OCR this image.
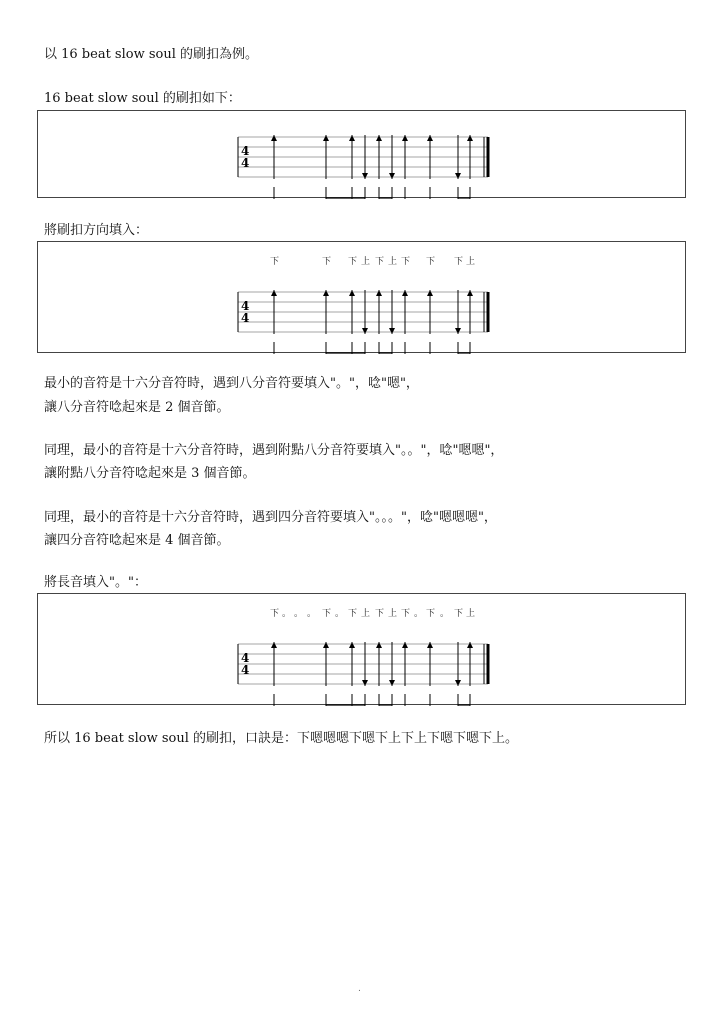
以 16 beat slow soul 的刷扣為例。
16 beat slow soul 的刷扣如下：
4
4
將刷扣方向填入：
4
4
下	下 下 上 下 上 下 下 下 上
最小的音符是十六分音符時，遇到八分音符要填入"。"，唸"嗯"，
讓八分音符唸起來是 2 個音節。
同理，最小的音符是十六分音符時，遇到附點八分音符要填入"。。"，唸"嗯嗯"，
讓附點八分音符唸起來是 3 個音節。
同理，最小的音符是十六分音符時，遇到四分音符要填入"。。。"，唸"嗯嗯嗯"，
讓四分音符唸起來是 4 個音節。
將長音填入"。"：
4
4
下 。 。 。 下 。 下 上 下 上 下 。 下 。 下 上
所以 16 beat slow soul 的刷扣，口訣是：下嗯嗯嗯下嗯下上下上下嗯下嗯下上。
.
